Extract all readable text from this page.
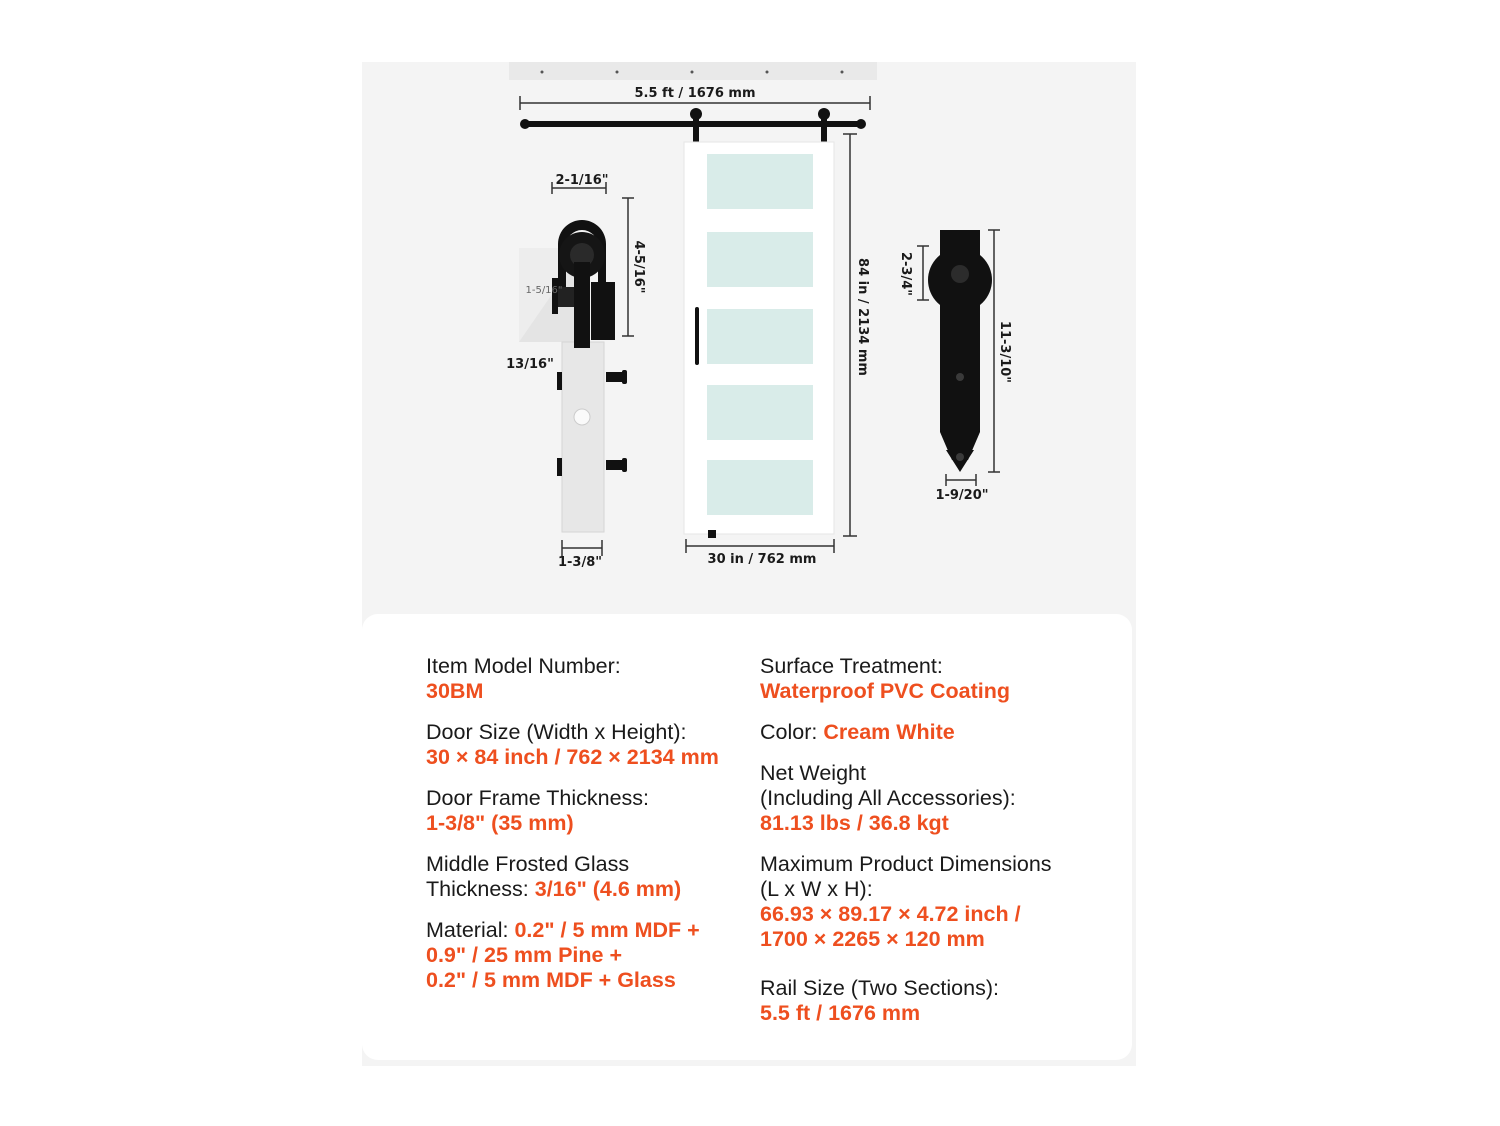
5.5 ft / 1676 mm
84 in / 2134 mm
30 in / 762 mm
2-1/16"
4-5/16"
1-5/16"
13/16"
1-3/8"
2-3/4"
11-3/10"
1-9/20"

Item Model Number:
30BM

Door Size (Width x Height):
30 × 84 inch / 762 × 2134 mm

Door Frame Thickness:
1-3/8" (35 mm)

Middle Frosted Glass
Thickness: 3/16" (4.6 mm)

Material: 0.2" / 5 mm MDF +
0.9" / 25 mm Pine +
0.2" / 5 mm MDF + Glass

Surface Treatment:
Waterproof PVC Coating

Color: Cream White

Net Weight
(Including All Accessories):
81.13 lbs / 36.8 kgt

Maximum Product Dimensions
(L x W x H):
66.93 × 89.17 × 4.72 inch /
1700 × 2265 × 120 mm

Rail Size (Two Sections):
5.5 ft / 1676 mm
